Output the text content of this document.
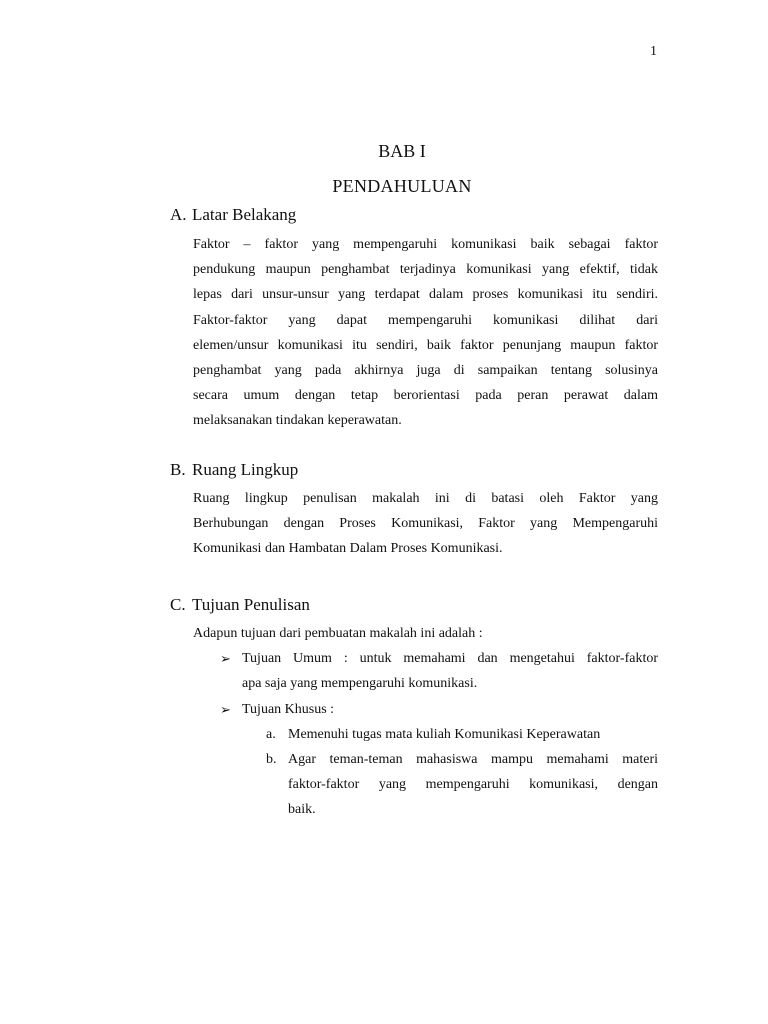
1
BAB I
PENDAHULUAN
A. Latar Belakang
Faktor – faktor yang mempengaruhi komunikasi baik sebagai faktor
pendukung maupun penghambat terjadinya komunikasi yang efektif, tidak
lepas dari unsur-unsur yang terdapat dalam proses komunikasi itu sendiri.
Faktor-faktor yang dapat mempengaruhi komunikasi dilihat dari
elemen/unsur komunikasi itu sendiri, baik faktor penunjang maupun faktor
penghambat yang pada akhirnya juga di sampaikan tentang solusinya
secara umum dengan tetap berorientasi pada peran perawat dalam
melaksanakan tindakan keperawatan.
B. Ruang Lingkup
Ruang lingkup penulisan makalah ini di batasi oleh Faktor yang
Berhubungan dengan Proses Komunikasi, Faktor yang Mempengaruhi
Komunikasi dan Hambatan Dalam Proses Komunikasi.
C. Tujuan Penulisan
Adapun tujuan dari pembuatan makalah ini adalah :
➢ Tujuan Umum : untuk memahami dan mengetahui faktor-faktor
apa saja yang mempengaruhi komunikasi.
➢ Tujuan Khusus :
a. Memenuhi tugas mata kuliah Komunikasi Keperawatan
b. Agar teman-teman mahasiswa mampu memahami materi
faktor-faktor yang mempengaruhi komunikasi, dengan
baik.
